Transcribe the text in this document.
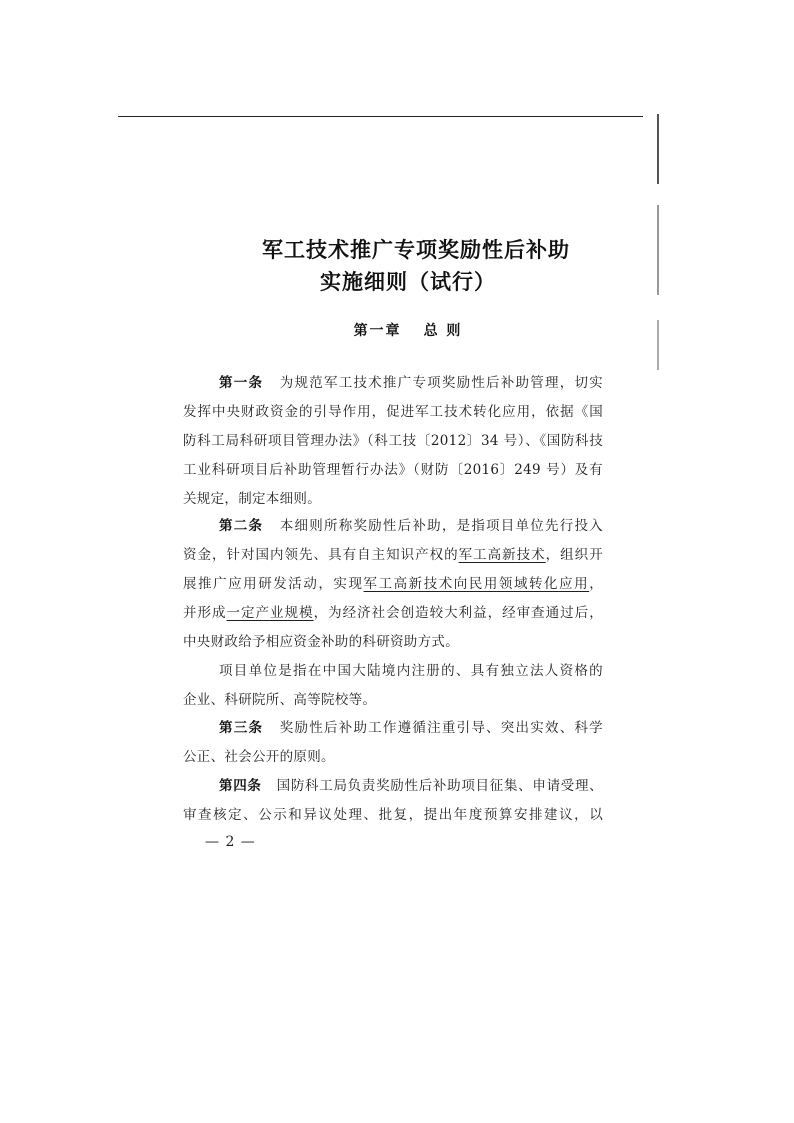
军工技术推广专项奖励性后补助
实施细则（试行）
第一章 总 则
第一条 为规范军工技术推广专项奖励性后补助管理，切实
发挥中央财政资金的引导作用，促进军工技术转化应用，依据《国
防科工局科研项目管理办法》（科工技〔2012〕34 号）、《国防科技
工业科研项目后补助管理暂行办法》（财防〔2016〕249 号）及有
关规定，制定本细则。
第二条 本细则所称奖励性后补助，是指项目单位先行投入
资金，针对国内领先、具有自主知识产权的军工高新技术，组织开
展推广应用研发活动，实现军工高新技术向民用领域转化应用，
并形成一定产业规模，为经济社会创造较大利益，经审查通过后，
中央财政给予相应资金补助的科研资助方式。
项目单位是指在中国大陆境内注册的、具有独立法人资格的
企业、科研院所、高等院校等。
第三条 奖励性后补助工作遵循注重引导、突出实效、科学
公正、社会公开的原则。
第四条 国防科工局负责奖励性后补助项目征集、申请受理、
审查核定、公示和异议处理、批复，提出年度预算安排建议，以
— 2 —
